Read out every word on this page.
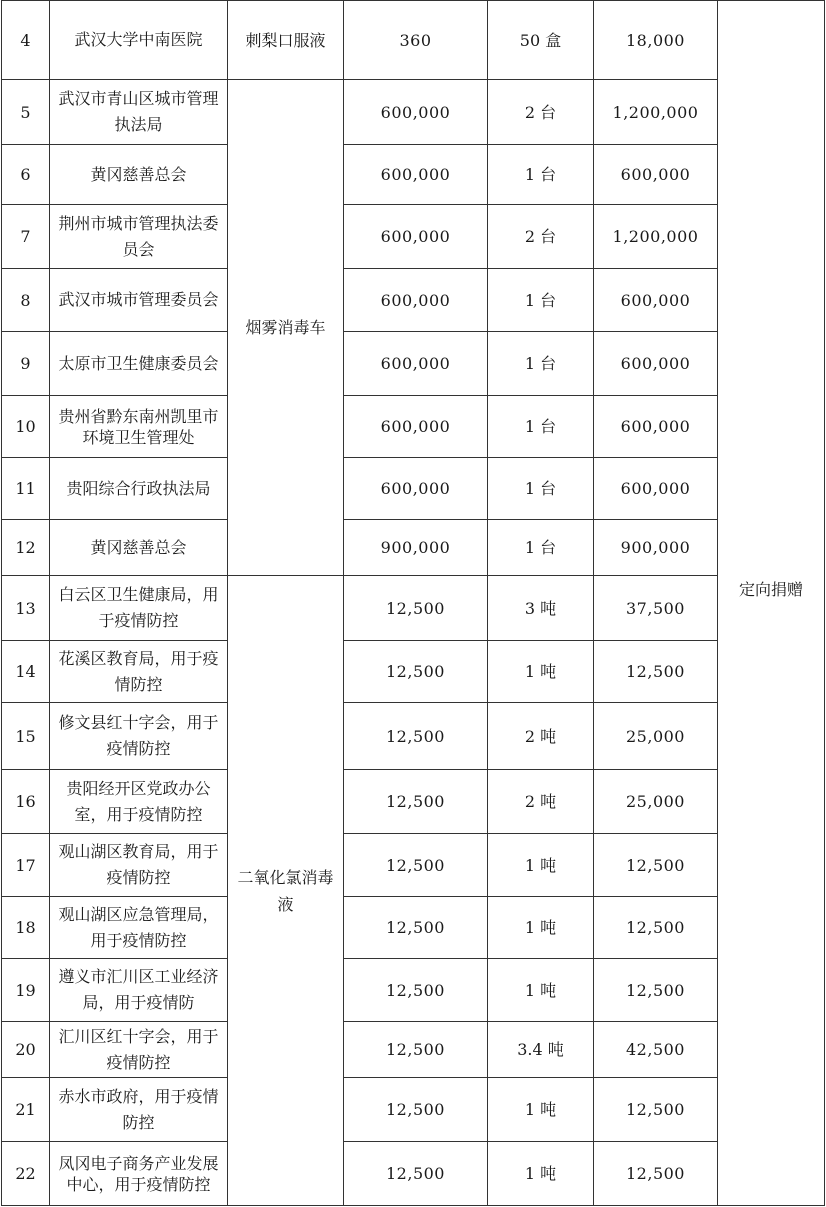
4	武汉大学中南医院	刺梨口服液	360	50 盒	18,000	
5	武汉市青山区城市管理执法局	烟雾消毒车	600,000	2 台	1,200,000	
6	黄冈慈善总会		600,000	1 台	600,000	
7	荆州市城市管理执法委员会		600,000	2 台	1,200,000	
8	武汉市城市管理委员会		600,000	1 台	600,000	
9	太原市卫生健康委员会		600,000	1 台	600,000	
10	贵州省黔东南州凯里市环境卫生管理处		600,000	1 台	600,000	
11	贵阳综合行政执法局		600,000	1 台	600,000	
12	黄冈慈善总会		900,000	1 台	900,000	
13	白云区卫生健康局，用于疫情防控	二氧化氯消毒液	12,500	3 吨	37,500	定向捐赠
14	花溪区教育局，用于疫情防控		12,500	1 吨	12,500	
15	修文县红十字会，用于疫情防控		12,500	2 吨	25,000	
16	贵阳经开区党政办公室，用于疫情防控		12,500	2 吨	25,000	
17	观山湖区教育局，用于疫情防控		12,500	1 吨	12,500	
18	观山湖区应急管理局，用于疫情防控		12,500	1 吨	12,500	
19	遵义市汇川区工业经济局，用于疫情防		12,500	1 吨	12,500	
20	汇川区红十字会，用于疫情防控		12,500	3.4 吨	42,500	
21	赤水市政府，用于疫情防控		12,500	1 吨	12,500	
22	凤冈电子商务产业发展中心，用于疫情防控		12,500	1 吨	12,500	
